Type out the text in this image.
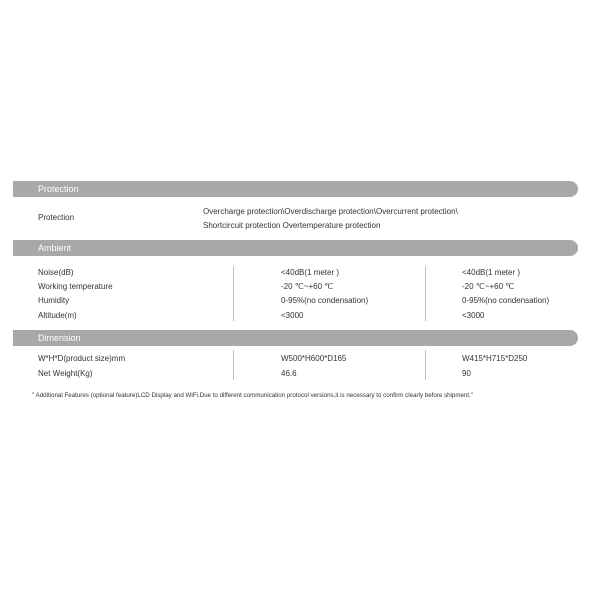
Protection
Protection
Overcharge protection\Overdischarge protection\Overcurrent protection\
Shortcircuit protection Overtemperature protection
Ambient
Noise(dB)	<40dB(1 meter )	<40dB(1 meter )
Working temperature	-20 ℃~+60 ℃	-20 ℃~+60 ℃
Humidity	0-95%(no condensation)	0-95%(no condensation)
Altitude(m)	<3000	<3000
Dimension
W*H*D(product size)mm	W500*H600*D165	W415*H715*D250
Net Weight(Kg)	46.6	90
" Additional Features (optional feature)LCD Display and WiFi.Due to different communication protocol versions,it is necessary to confirm clearly before shipment."
